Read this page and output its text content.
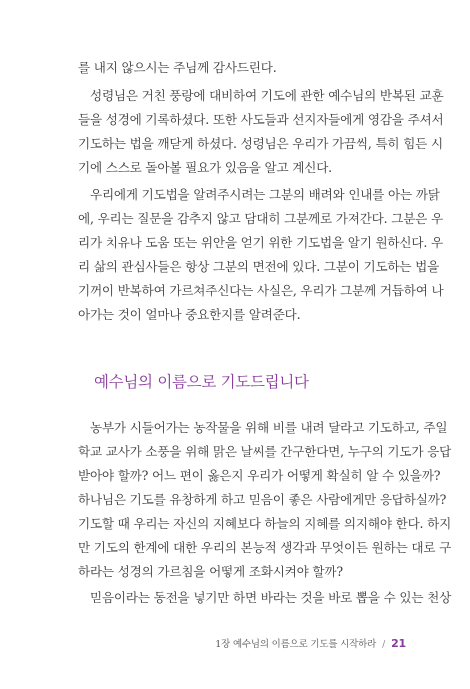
를 내지 않으시는 주님께 감사드린다.
성령님은 거친 풍랑에 대비하여 기도에 관한 예수님의 반복된 교훈
들을 성경에 기록하셨다. 또한 사도들과 선지자들에게 영감을 주셔서
기도하는 법을 깨닫게 하셨다. 성령님은 우리가 가끔씩, 특히 힘든 시
기에 스스로 돌아볼 필요가 있음을 알고 계신다.
우리에게 기도법을 알려주시려는 그분의 배려와 인내를 아는 까닭
에, 우리는 질문을 감추지 않고 담대히 그분께로 가져간다. 그분은 우
리가 치유나 도움 또는 위안을 얻기 위한 기도법을 알기 원하신다. 우
리 삶의 관심사들은 항상 그분의 면전에 있다. 그분이 기도하는 법을
기꺼이 반복하여 가르쳐주신다는 사실은, 우리가 그분께 거듭하여 나
아가는 것이 얼마나 중요한지를 알려준다.
예수님의 이름으로 기도드립니다
농부가 시들어가는 농작물을 위해 비를 내려 달라고 기도하고, 주일
학교 교사가 소풍을 위해 맑은 날씨를 간구한다면, 누구의 기도가 응답
받아야 할까? 어느 편이 옳은지 우리가 어떻게 확실히 알 수 있을까?
하나님은 기도를 유창하게 하고 믿음이 좋은 사람에게만 응답하실까?
기도할 때 우리는 자신의 지혜보다 하늘의 지혜를 의지해야 한다. 하지
만 기도의 한계에 대한 우리의 본능적 생각과 무엇이든 원하는 대로 구
하라는 성경의 가르침을 어떻게 조화시켜야 할까?
믿음이라는 동전을 넣기만 하면 바라는 것을 바로 뽑을 수 있는 천상
1장 예수님의 이름으로 기도를 시작하라 / 21
